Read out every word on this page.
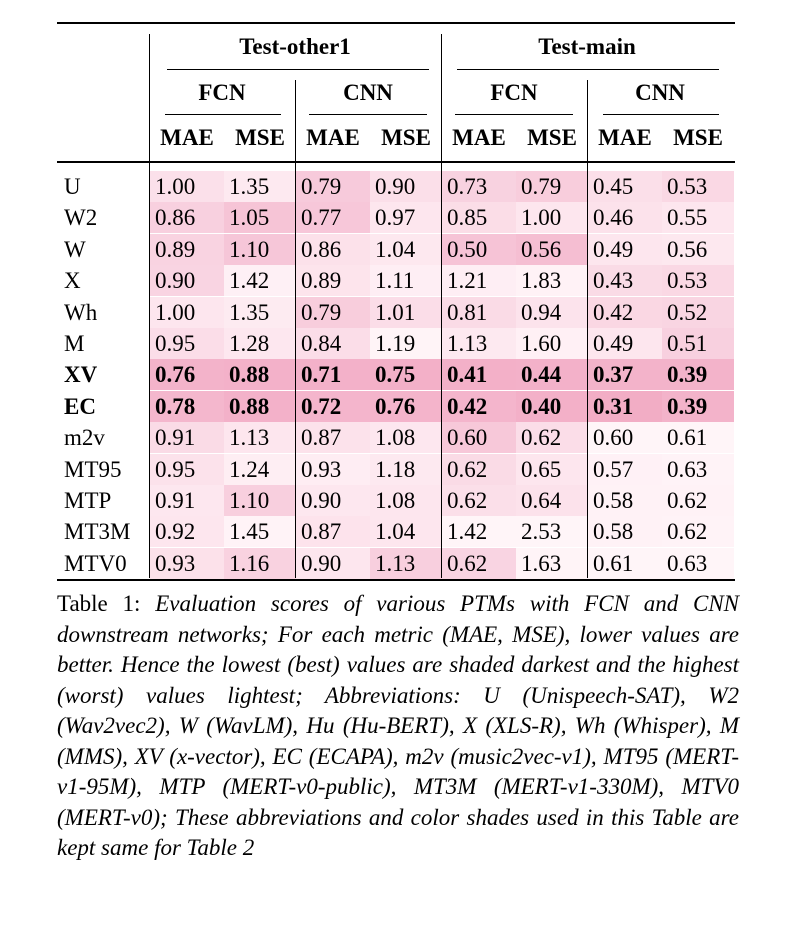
Test-other1	Test-main
FCN	CNN	FCN	CNN
MAE MSE MAE MSE MAE MSE MAE MSE
U	1.00	1.35	0.79	0.90	0.73	0.79	0.45	0.53
W2	0.86	1.05	0.77	0.97	0.85	1.00	0.46	0.55
W	0.89	1.10	0.86	1.04	0.50	0.56	0.49	0.56
X	0.90	1.42	0.89	1.11	1.21	1.83	0.43	0.53
Wh	1.00	1.35	0.79	1.01	0.81	0.94	0.42	0.52
M	0.95	1.28	0.84	1.19	1.13	1.60	0.49	0.51
XV	0.76	0.88	0.71	0.75	0.41	0.44	0.37	0.39
EC	0.78	0.88	0.72	0.76	0.42	0.40	0.31	0.39
m2v 0.91	1.13	0.87	1.08	0.60	0.62	0.60	0.61
MT95 0.95	1.24	0.93	1.18	0.62	0.65	0.57	0.63
MTP 0.91	1.10	0.90	1.08	0.62	0.64	0.58	0.62
MT3M 0.92	1.45	0.87	1.04	1.42	2.53	0.58	0.62
MTV0 0.93	1.16	0.90	1.13	0.62	1.63	0.61	0.63
Table 1: Evaluation scores of various PTMs with FCN and CNN downstream networks; For each metric (MAE, MSE), lower values are better. Hence the lowest (best) values are shaded darkest and the highest (worst) values lightest; Abbreviations: U (Unispeech-SAT), W2 (Wav2vec2), W (WavLM), Hu (Hu-BERT), X (XLS-R), Wh (Whisper), M (MMS), XV (x-vector), EC (ECAPA), m2v (music2vec-v1), MT95 (MERT-v1-95M), MTP (MERT-v0-public), MT3M (MERT-v1-330M), MTV0 (MERT-v0); These abbreviations and color shades used in this Table are kept same for Table 2
